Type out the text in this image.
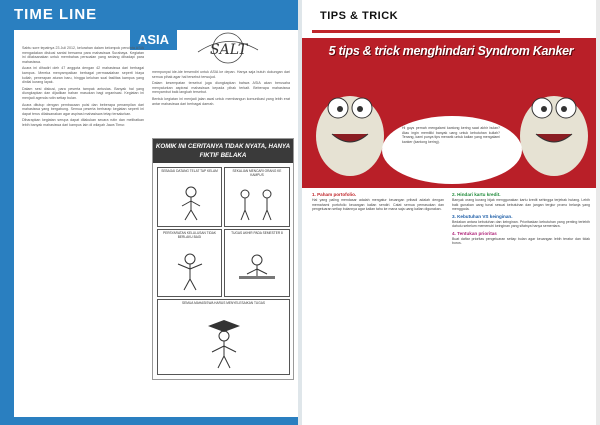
TIME LINE
ASIA
SALT

Sabtu sore tepatnya 23 Juli 2012, kelurahan dalam kelompok pencinta ASIA mengadakan diskusi santai bersama para mahasiswa Surabaya. Kegiatan ini dilaksanakan untuk membahas persoalan yang sedang dihadapi para mahasiswa.

Acara ini dihadiri oleh 47 anggota dengan 42 mahasiswa dari berbagai kampus. Mereka menyampaikan berbagai permasalahan seperti biaya kuliah, penerapan aturan baru, hingga keluhan soal fasilitas kampus yang dinilai kurang layak.

Dalam sesi diskusi, para peserta tampak antusias. Banyak hal yang diungkapkan dan dijadikan bahan masukan bagi organisasi. Kegiatan ini menjadi agenda rutin setiap bulan.

Acara ditutup dengan pembacaan puisi dan beberapa penampilan dari mahasiswa yang bergabung. Semua peserta berharap kegiatan seperti ini dapat terus dilaksanakan agar aspirasi mahasiswa tetap tersalurkan.

Diharapkan kegiatan serupa dapat dilakukan secara rutin dan melibatkan lebih banyak mahasiswa dari kampus lain di wilayah Jawa Timur.

mempunyai ide-ide tersendiri untuk ASIA ke depan. Hanya saja butuh dukungan dari semua pihak agar hal tersebut terwujud.

Dalam kesempatan tersebut juga diungkapkan bahwa ASIA akan berusaha menyalurkan aspirasi mahasiswa kepada pihak terkait. Beberapa mahasiswa menyambut baik langkah tersebut.

Bentuk kegiatan ini menjadi jalan awal untuk membangun komunikasi yang lebih erat antar mahasiswa dari berbagai daerah.

KOMIK INI CERITANYA TIDAK NYATA, HANYA FIKTIF BELAKA
SEBAGAI DATANG TELAT TAP KELAM	SEKALIAN MENCARI ORANG KE KAMPUS
PERSYARATAN KELULUSAN TIDAK BERLAKU BAGI
TUGAS AKHIR PADA SEMESTER 8
SEMUA MAHASISWA HARUS MENYELESAIKAN TUGAS
TIPS & TRICK
5 tips & trick menghindari Syndrom Kanker

Hi guys pernah mengalami kantong kering saat akhir bulan? Atau ingin memiliki banyak uang untuk kebutuhan kuliah? Tenang, kami punya tips menarik untuk kalian yang mengalami kanker (kantong kering).

1. Paham portofolio.

Hal yang paling mendasar adalah mengatur keuangan pribadi adalah dengan memahami portofolio keuangan kalian sendiri. Catat semua pemasukan dan pengeluaran setiap bulannya agar kalian tahu ke mana saja uang kalian digunakan.

2. Hindari kartu kredit.

Banyak orang kurang bijak menggunakan kartu kredit sehingga terjebak hutang. Lebih baik gunakan uang tunai sesuai kebutuhan dan jangan tergiur promo belanja yang menggoda.

3. Kebutuhan VS keinginan.

Bedakan antara kebutuhan dan keinginan. Prioritaskan kebutuhan yang penting terlebih dahulu sebelum memenuhi keinginan yang sifatnya hanya sementara.

4. Tentukan prioritas

Buat daftar prioritas pengeluaran setiap bulan agar keuangan lebih teratur dan tidak boros.
